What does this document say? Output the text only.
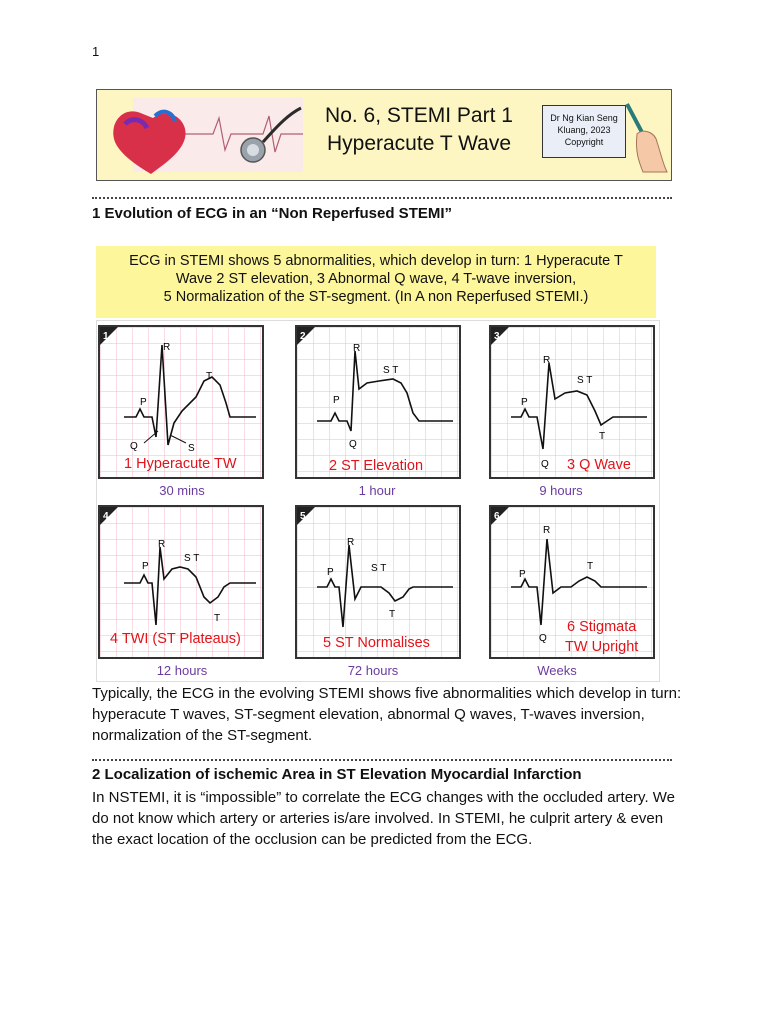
1
No. 6, STEMI Part 1
Hyperacute T Wave
Dr Ng Kian Seng
Kluang, 2023
Copyright
1 Evolution of ECG in an “Non Reperfused STEMI”
ECG in STEMI shows 5 abnormalities, which develop in turn: 1 Hyperacute T
Wave 2 ST elevation, 3 Abnormal Q wave, 4 T-wave inversion,
5 Normalization of the ST-segment. (In A non Reperfused STEMI.)
1
R
T
P
Q	S
1 Hyperacute TW
2
R
S T
P
Q
2 ST Elevation
3
R
S T
P
T
Q 3 Q Wave
30 mins	1 hour	9 hours
4
R
S T
P
T
4 TWI (ST Plateaus)
5
R
S T
P
T
5 ST Normalises
6
R
T
P
Q
6 Stigmata
TW Upright
12 hours	72 hours	Weeks
Typically, the ECG in the evolving STEMI shows five abnormalities which develop in turn: hyperacute T waves, ST-segment elevation, abnormal Q waves, T-waves inversion, normalization of the ST-segment.
2 Localization of ischemic Area in ST Elevation Myocardial Infarction
In NSTEMI, it is “impossible” to correlate the ECG changes with the occluded artery. We do not know which artery or arteries is/are involved. In STEMI, he culprit artery & even the exact location of the occlusion can be predicted from the ECG.
